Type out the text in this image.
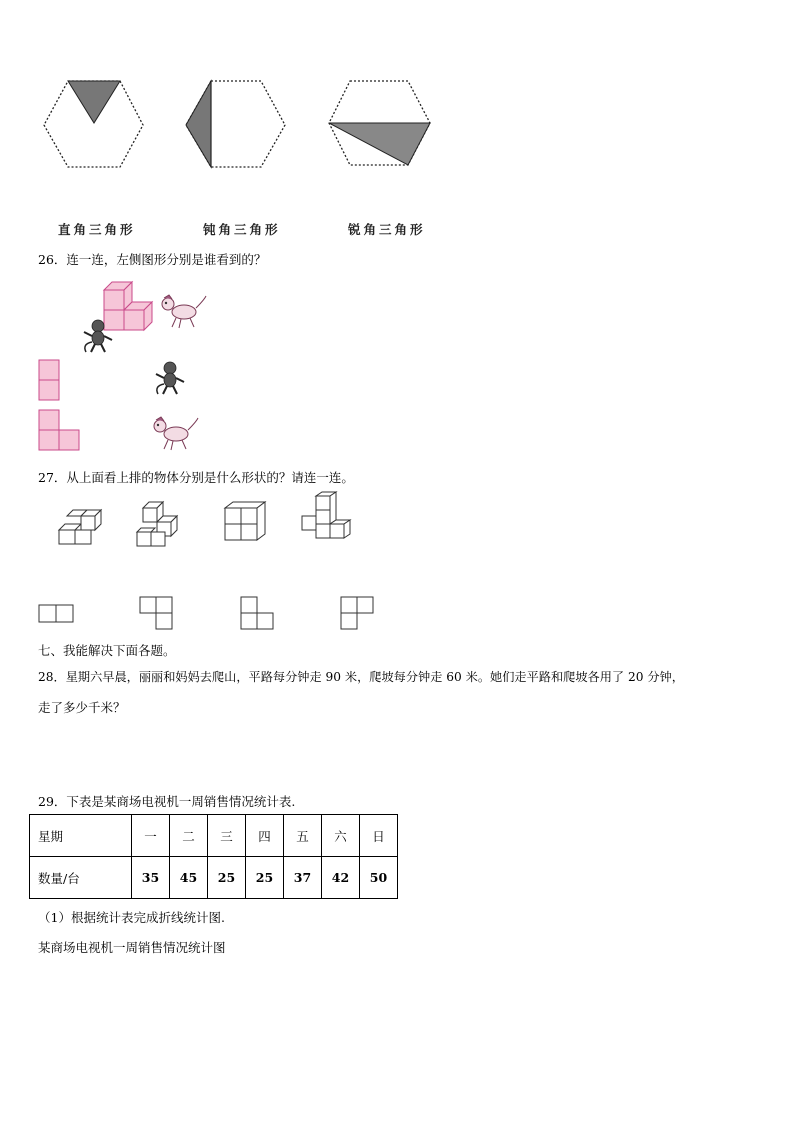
直角三角形	钝角三角形	锐角三角形
26．连一连，左侧图形分别是谁看到的？
27．从上面看上排的物体分别是什么形状的？请连一连。
七、我能解决下面各题。
28．星期六早晨，丽丽和妈妈去爬山，平路每分钟走 90 米，爬坡每分钟走 60 米。她们走平路和爬坡各用了 20 分钟，
走了多少千米？
29．下表是某商场电视机一周销售情况统计表.
星期	一	二	三	四	五	六	日
数量/台	35	45	25	25	37	42	50
（1）根据统计表完成折线统计图.
某商场电视机一周销售情况统计图
